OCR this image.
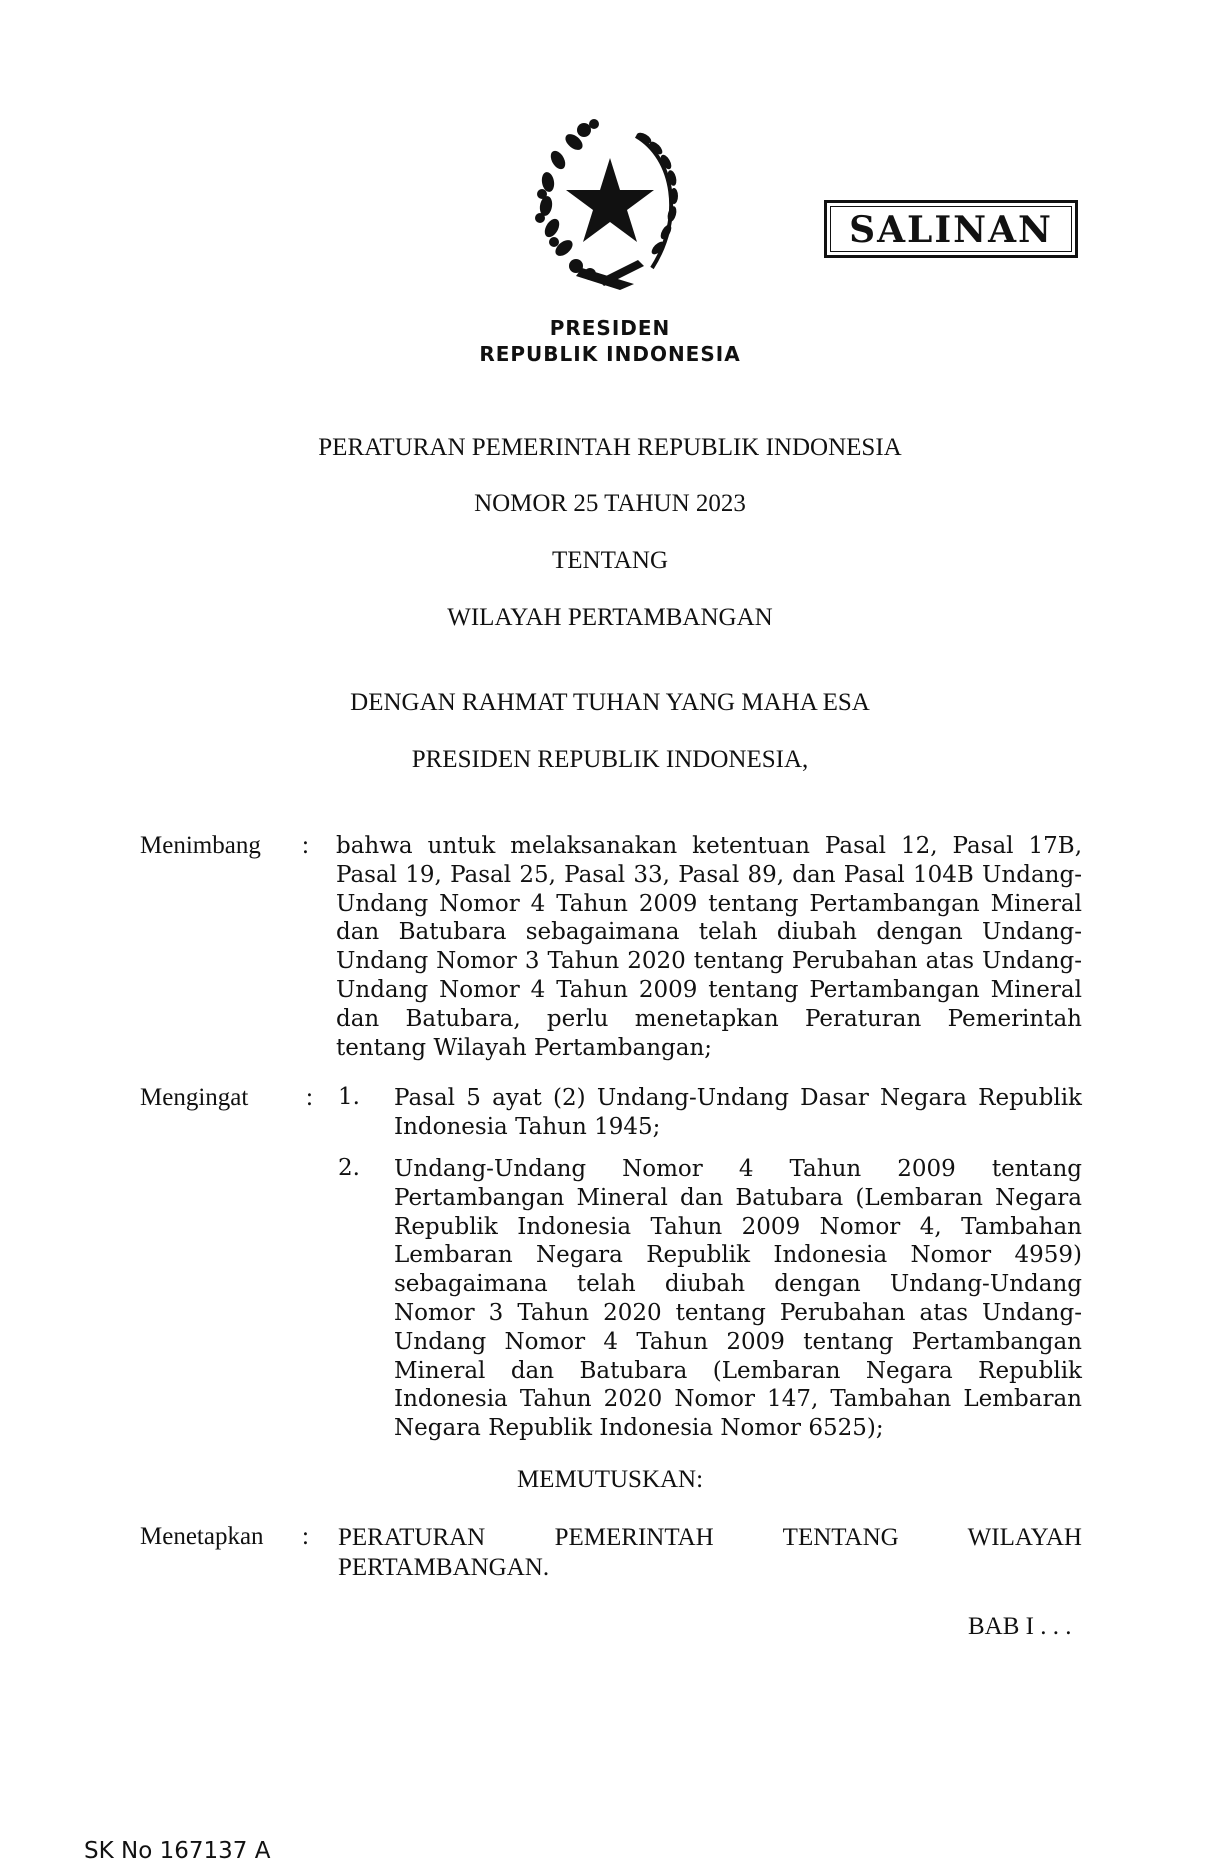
SALINAN
PRESIDEN
REPUBLIK INDONESIA
PERATURAN PEMERINTAH REPUBLIK INDONESIA
NOMOR 25 TAHUN 2023
TENTANG
WILAYAH PERTAMBANGAN
DENGAN RAHMAT TUHAN YANG MAHA ESA
PRESIDEN REPUBLIK INDONESIA,
Menimbang : bahwa untuk melaksanakan ketentuan Pasal 12, Pasal 17B, Pasal 19, Pasal 25, Pasal 33, Pasal 89, dan Pasal 104B Undang-Undang Nomor 4 Tahun 2009 tentang Pertambangan Mineral dan Batubara sebagaimana telah diubah dengan Undang-Undang Nomor 3 Tahun 2020 tentang Perubahan atas Undang-Undang Nomor 4 Tahun 2009 tentang Pertambangan Mineral dan Batubara, perlu menetapkan Peraturan Pemerintah tentang Wilayah Pertambangan;
Mengingat : 1. Pasal 5 ayat (2) Undang-Undang Dasar Negara Republik Indonesia Tahun 1945;
2. Undang-Undang Nomor 4 Tahun 2009 tentang Pertambangan Mineral dan Batubara (Lembaran Negara Republik Indonesia Tahun 2009 Nomor 4, Tambahan Lembaran Negara Republik Indonesia Nomor 4959) sebagaimana telah diubah dengan Undang-Undang Nomor 3 Tahun 2020 tentang Perubahan atas Undang-Undang Nomor 4 Tahun 2009 tentang Pertambangan Mineral dan Batubara (Lembaran Negara Republik Indonesia Tahun 2020 Nomor 147, Tambahan Lembaran Negara Republik Indonesia Nomor 6525);
MEMUTUSKAN:
Menetapkan : PERATURAN PEMERINTAH TENTANG WILAYAH PERTAMBANGAN.
BAB I . . .
SK No 167137 A
